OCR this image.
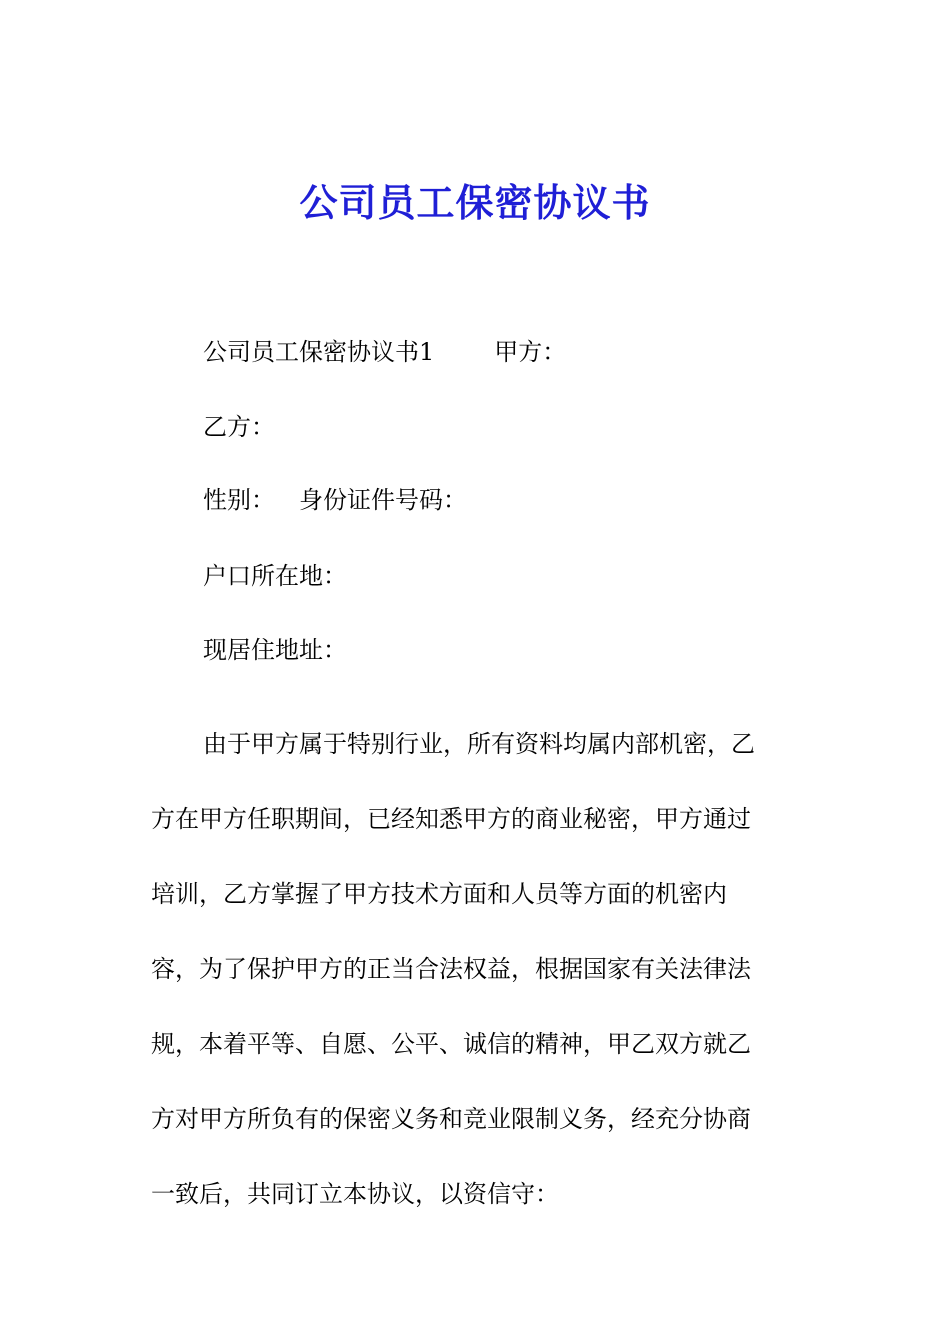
公司员工保密协议书
公司员工保密协议书1	甲方：
乙方：
性别： 身份证件号码：
户口所在地：
现居住地址：
由于甲方属于特别行业，所有资料均属内部机密，乙
方在甲方任职期间，已经知悉甲方的商业秘密，甲方通过
培训，乙方掌握了甲方技术方面和人员等方面的机密内
容，为了保护甲方的正当合法权益，根据国家有关法律法
规，本着平等、自愿、公平、诚信的精神，甲乙双方就乙
方对甲方所负有的保密义务和竞业限制义务，经充分协商
一致后，共同订立本协议，以资信守：
